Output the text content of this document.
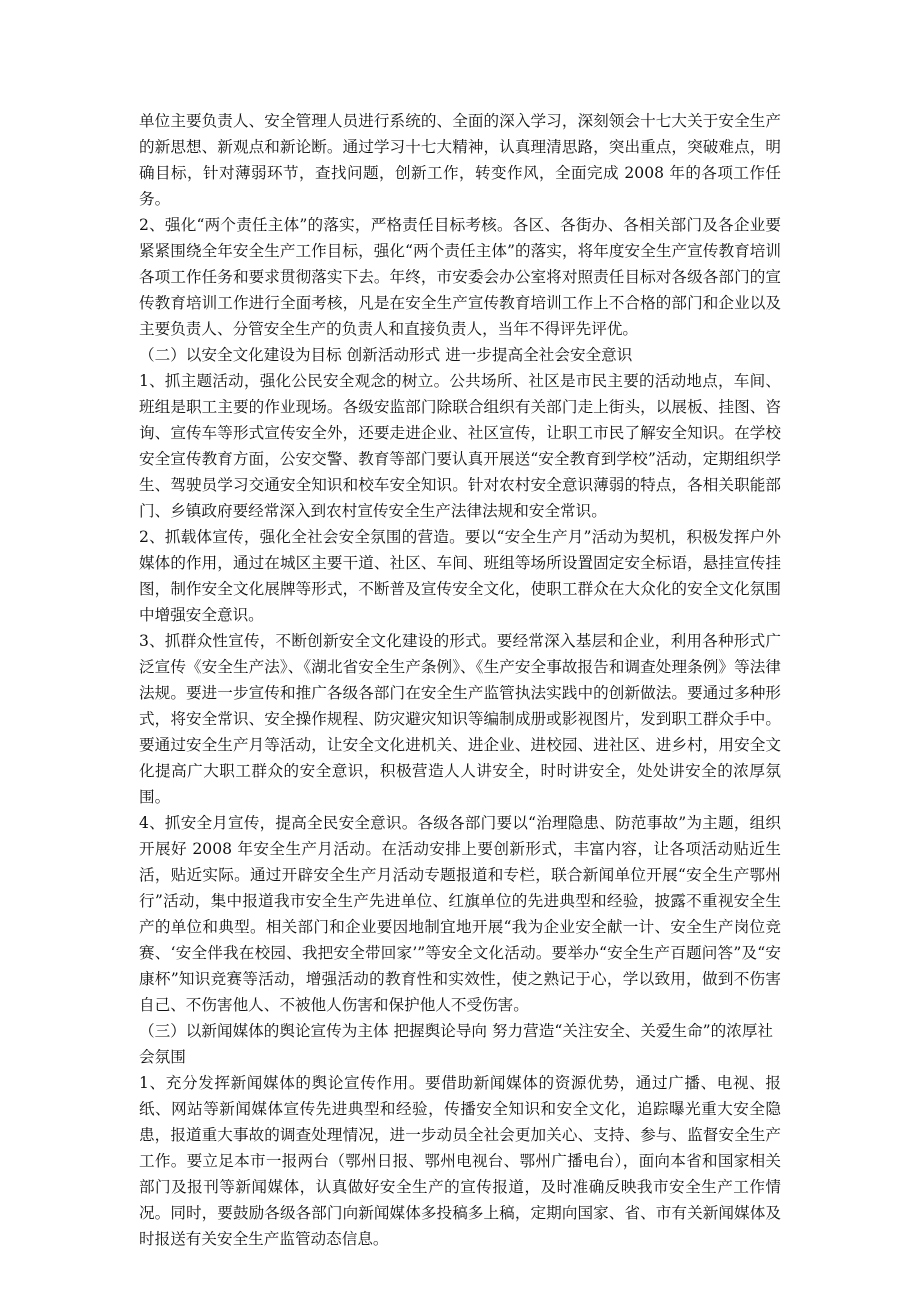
单位主要负责人、安全管理人员进行系统的、全面的深入学习，深刻领会十七大关于安全生产的新思想、新观点和新论断。通过学习十七大精神，认真理清思路，突出重点，突破难点，明确目标，针对薄弱环节，查找问题，创新工作，转变作风，全面完成 2008 年的各项工作任务。

2、强化“两个责任主体”的落实，严格责任目标考核。各区、各街办、各相关部门及各企业要紧紧围绕全年安全生产工作目标，强化“两个责任主体”的落实，将年度安全生产宣传教育培训各项工作任务和要求贯彻落实下去。年终，市安委会办公室将对照责任目标对各级各部门的宣传教育培训工作进行全面考核，凡是在安全生产宣传教育培训工作上不合格的部门和企业以及主要负责人、分管安全生产的负责人和直接负责人，当年不得评先评优。

（二）以安全文化建设为目标 创新活动形式 进一步提高全社会安全意识

1、抓主题活动，强化公民安全观念的树立。公共场所、社区是市民主要的活动地点，车间、班组是职工主要的作业现场。各级安监部门除联合组织有关部门走上街头，以展板、挂图、咨询、宣传车等形式宣传安全外，还要走进企业、社区宣传，让职工市民了解安全知识。在学校安全宣传教育方面，公安交警、教育等部门要认真开展送“安全教育到学校”活动，定期组织学生、驾驶员学习交通安全知识和校车安全知识。针对农村安全意识薄弱的特点，各相关职能部门、乡镇政府要经常深入到农村宣传安全生产法律法规和安全常识。

2、抓载体宣传，强化全社会安全氛围的营造。要以“安全生产月”活动为契机，积极发挥户外媒体的作用，通过在城区主要干道、社区、车间、班组等场所设置固定安全标语，悬挂宣传挂图，制作安全文化展牌等形式，不断普及宣传安全文化，使职工群众在大众化的安全文化氛围中增强安全意识。

3、抓群众性宣传，不断创新安全文化建设的形式。要经常深入基层和企业，利用各种形式广泛宣传《安全生产法》、《湖北省安全生产条例》、《生产安全事故报告和调查处理条例》等法律法规。要进一步宣传和推广各级各部门在安全生产监管执法实践中的创新做法。要通过多种形式，将安全常识、安全操作规程、防灾避灾知识等编制成册或影视图片，发到职工群众手中。要通过安全生产月等活动，让安全文化进机关、进企业、进校园、进社区、进乡村，用安全文化提高广大职工群众的安全意识，积极营造人人讲安全，时时讲安全，处处讲安全的浓厚氛围。

4、抓安全月宣传，提高全民安全意识。各级各部门要以“治理隐患、防范事故”为主题，组织开展好 2008 年安全生产月活动。在活动安排上要创新形式，丰富内容，让各项活动贴近生活，贴近实际。通过开辟安全生产月活动专题报道和专栏，联合新闻单位开展“安全生产鄂州行”活动，集中报道我市安全生产先进单位、红旗单位的先进典型和经验，披露不重视安全生产的单位和典型。相关部门和企业要因地制宜地开展“我为企业安全献一计、安全生产岗位竞赛、‘安全伴我在校园、我把安全带回家’”等安全文化活动。要举办“安全生产百题问答”及“安康杯”知识竞赛等活动，增强活动的教育性和实效性，使之熟记于心，学以致用，做到不伤害自己、不伤害他人、不被他人伤害和保护他人不受伤害。

（三）以新闻媒体的舆论宣传为主体 把握舆论导向 努力营造“关注安全、关爱生命”的浓厚社会氛围

1、充分发挥新闻媒体的舆论宣传作用。要借助新闻媒体的资源优势，通过广播、电视、报纸、网站等新闻媒体宣传先进典型和经验，传播安全知识和安全文化，追踪曝光重大安全隐患，报道重大事故的调查处理情况，进一步动员全社会更加关心、支持、参与、监督安全生产工作。要立足本市一报两台（鄂州日报、鄂州电视台、鄂州广播电台），面向本省和国家相关部门及报刊等新闻媒体，认真做好安全生产的宣传报道，及时准确反映我市安全生产工作情况。同时，要鼓励各级各部门向新闻媒体多投稿多上稿，定期向国家、省、市有关新闻媒体及时报送有关安全生产监管动态信息。
